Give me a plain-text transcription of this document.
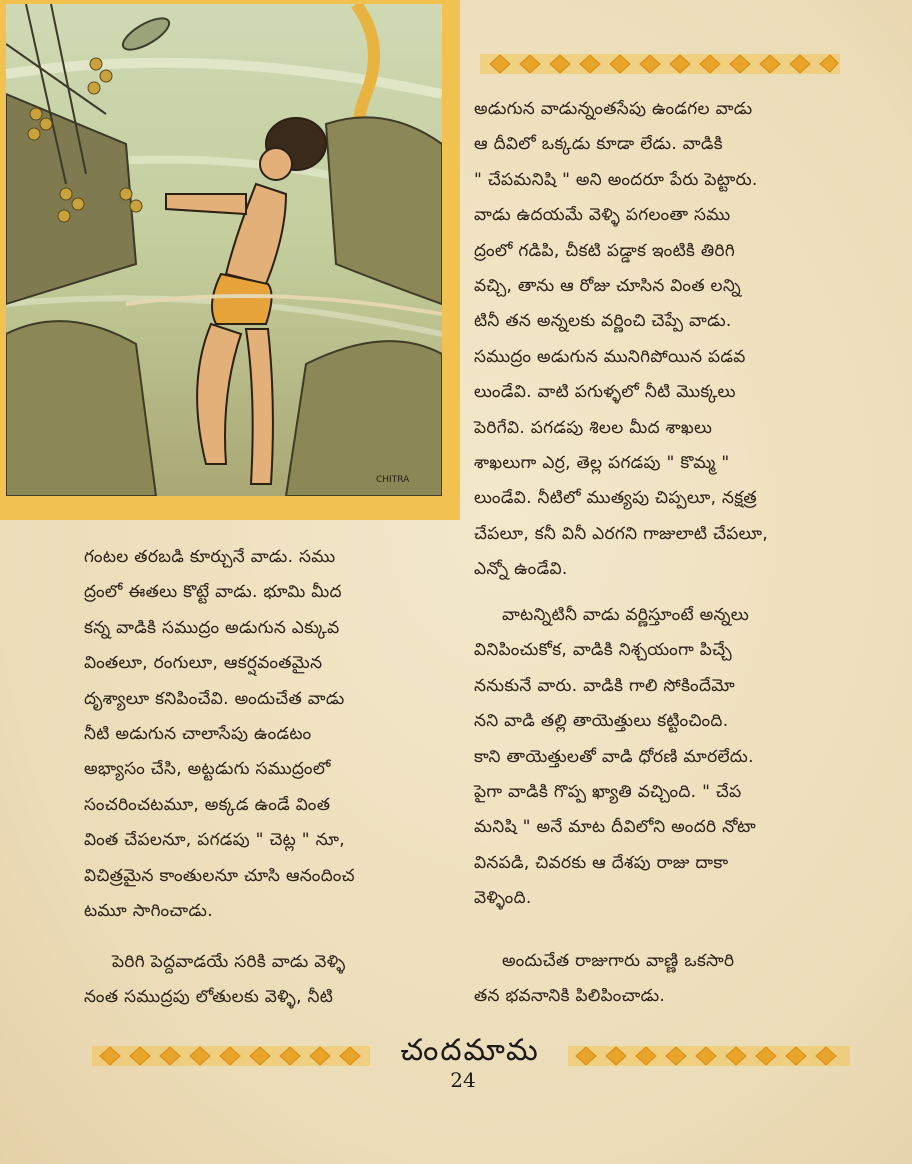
CHITRA
అడుగున వాడున్నంతసేపు ఉండగల వాడు
ఆ దీవిలో ఒక్కడు కూడా లేడు. వాడికి
" చేపమనిషి " అని అందరూ పేరు పెట్టారు.
వాడు ఉదయమే వెళ్ళి పగలంతా సము
ద్రంలో గడిపి, చీకటి పడ్డాక ఇంటికి తిరిగి
వచ్చి, తాను ఆ రోజు చూసిన వింత లన్ని
టినీ తన అన్నలకు వర్ణించి చెప్పే వాడు.
సముద్రం అడుగున మునిగిపోయిన పడవ
లుండేవి. వాటి పగుళ్ళలో నీటి మొక్కలు
పెరిగేవి. పగడపు శిలల మీద శాఖలు
శాఖలుగా ఎర్ర, తెల్ల పగడపు " కొమ్మ "
లుండేవి. నీటిలో ముత్యపు చిప్పలూ, నక్షత్ర
చేపలూ, కనీ వినీ ఎరగని గాజులాటి చేపలూ,
ఎన్నో ఉండేవి.
గంటల తరబడి కూర్చునే వాడు. సము
ద్రంలో ఈతలు కొట్టే వాడు. భూమి మీద
కన్న వాడికి సముద్రం అడుగున ఎక్కువ
వింతలూ, రంగులూ, ఆకర్షవంతమైన
దృశ్యాలూ కనిపించేవి. అందుచేత వాడు
నీటి అడుగున చాలాసేపు ఉండటం
అభ్యాసం చేసి, అట్టడుగు సముద్రంలో
సంచరించటమూ, అక్కడ ఉండే వింత
వింత చేపలనూ, పగడపు " చెట్ల " నూ,
విచిత్రమైన కాంతులనూ చూసి ఆనందించ
టమూ సాగించాడు.
పెరిగి పెద్దవాడయే సరికి వాడు వెళ్ళి
నంత సముద్రపు లోతులకు వెళ్ళి, నీటి
వాటన్నిటినీ వాడు వర్ణిస్తూంటే అన్నలు
వినిపించుకోక, వాడికి నిశ్చయంగా పిచ్చే
ననుకునే వారు. వాడికి గాలి సోకిందేమో
నని వాడి తల్లి తాయెత్తులు కట్టించింది.
కాని తాయెత్తులతో వాడి ధోరణి మారలేదు.
పైగా వాడికి గొప్ప ఖ్యాతి వచ్చింది. " చేప
మనిషి " అనే మాట దీవిలోని అందరి నోటా
వినపడి, చివరకు ఆ దేశపు రాజు దాకా
వెళ్ళింది.
అందుచేత రాజుగారు వాణ్ణి ఒకసారి
తన భవనానికి పిలిపించాడు.
చందమామ
24
